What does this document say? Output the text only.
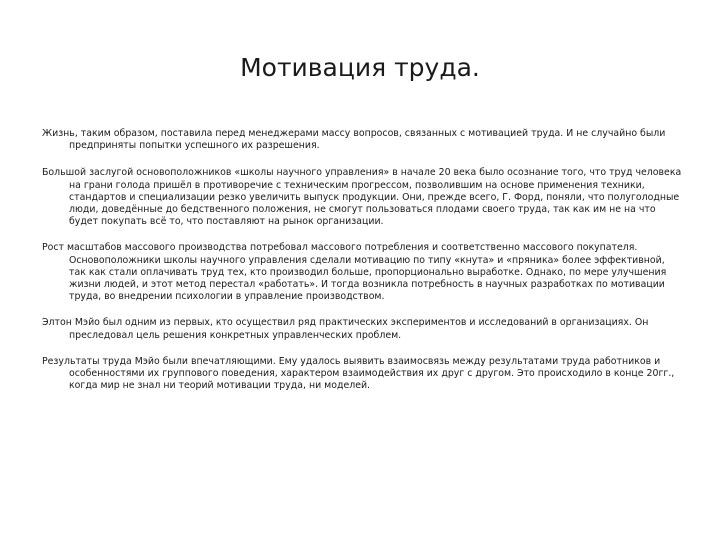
Мотивация труда.

Жизнь, таким образом, поставила перед менеджерами массу вопросов, связанных с мотивацией труда. И не случайно были предприняты попытки успешного их разрешения.

Большой заслугой основоположников «школы научного управления» в начале 20 века было осознание того, что труд человека на грани голода пришёл в противоречие с техническим прогрессом, позволившим на основе применения техники, стандартов и специализации резко увеличить выпуск продукции. Они, прежде всего, Г. Форд, поняли, что полуголодные люди, доведённые до бедственного положения, не смогут пользоваться плодами своего труда, так как им не на что будет покупать всё то, что поставляют на рынок организации.

Рост масштабов массового производства потребовал массового потребления и соответственно массового покупателя. Основоположники школы научного управления сделали мотивацию по типу «кнута» и «пряника» более эффективной, так как стали оплачивать труд тех, кто производил больше, пропорционально выработке. Однако, по мере улучшения жизни людей, и этот метод перестал «работать». И тогда возникла потребность в научных разработках по мотивации труда, во внедрении психологии в управление производством.

Элтон Мэйо был одним из первых, кто осуществил ряд практических экспериментов и исследований в организациях. Он преследовал цель решения конкретных управленческих проблем.

Результаты труда Мэйо были впечатляющими. Ему удалось выявить взаимосвязь между результатами труда работников и особенностями их группового поведения, характером взаимодействия их друг с другом. Это происходило в конце 20гг., когда мир не знал ни теорий мотивации труда, ни моделей.
